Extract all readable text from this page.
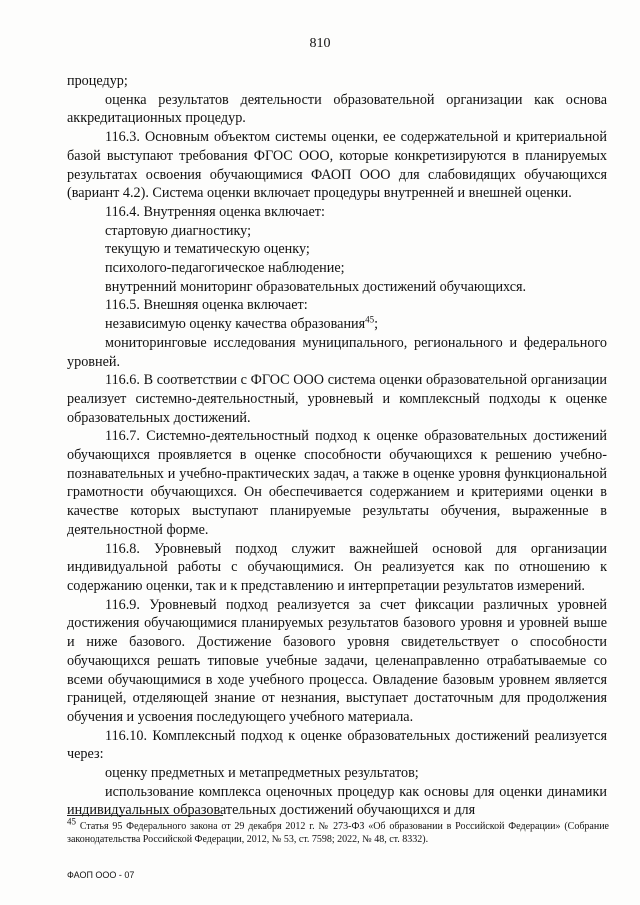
810

процедур;

оценка результатов деятельности образовательной организации как основа аккредитационных процедур.

116.3. Основным объектом системы оценки, ее содержательной и критериальной базой выступают требования ФГОС ООО, которые конкретизируются в планируемых результатах освоения обучающимися ФАОП ООО для слабовидящих обучающихся (вариант 4.2). Система оценки включает процедуры внутренней и внешней оценки.

116.4. Внутренняя оценка включает:

стартовую диагностику;

текущую и тематическую оценку;

психолого-педагогическое наблюдение;

внутренний мониторинг образовательных достижений обучающихся.

116.5. Внешняя оценка включает:

независимую оценку качества образования$^{45}$;

мониторинговые исследования муниципального, регионального и федерального уровней.

116.6. В соответствии с ФГОС ООО система оценки образовательной организации реализует системно-деятельностный, уровневый и комплексный подходы к оценке образовательных достижений.

116.7. Системно-деятельностный подход к оценке образовательных достижений обучающихся проявляется в оценке способности обучающихся к решению учебно-познавательных и учебно-практических задач, а также в оценке уровня функциональной грамотности обучающихся. Он обеспечивается содержанием и критериями оценки в качестве которых выступают планируемые результаты обучения, выраженные в деятельностной форме.

116.8. Уровневый подход служит важнейшей основой для организации индивидуальной работы с обучающимися. Он реализуется как по отношению к содержанию оценки, так и к представлению и интерпретации результатов измерений.

116.9. Уровневый подход реализуется за счет фиксации различных уровней достижения обучающимися планируемых результатов базового уровня и уровней выше и ниже базового. Достижение базового уровня свидетельствует о способности обучающихся решать типовые учебные задачи, целенаправленно отрабатываемые со всеми обучающимися в ходе учебного процесса. Овладение базовым уровнем является границей, отделяющей знание от незнания, выступает достаточным для продолжения обучения и усвоения последующего учебного материала.

116.10. Комплексный подход к оценке образовательных достижений реализуется через:

оценку предметных и метапредметных результатов;

использование комплекса оценочных процедур как основы для оценки динамики индивидуальных образовательных достижений обучающихся и для

45 Статья 95 Федерального закона от 29 декабря 2012 г. № 273-ФЗ «Об образовании в Российской Федерации» (Собрание законодательства Российской Федерации, 2012, № 53, ст. 7598; 2022, № 48, ст. 8332).

ФАОП ООО - 07
